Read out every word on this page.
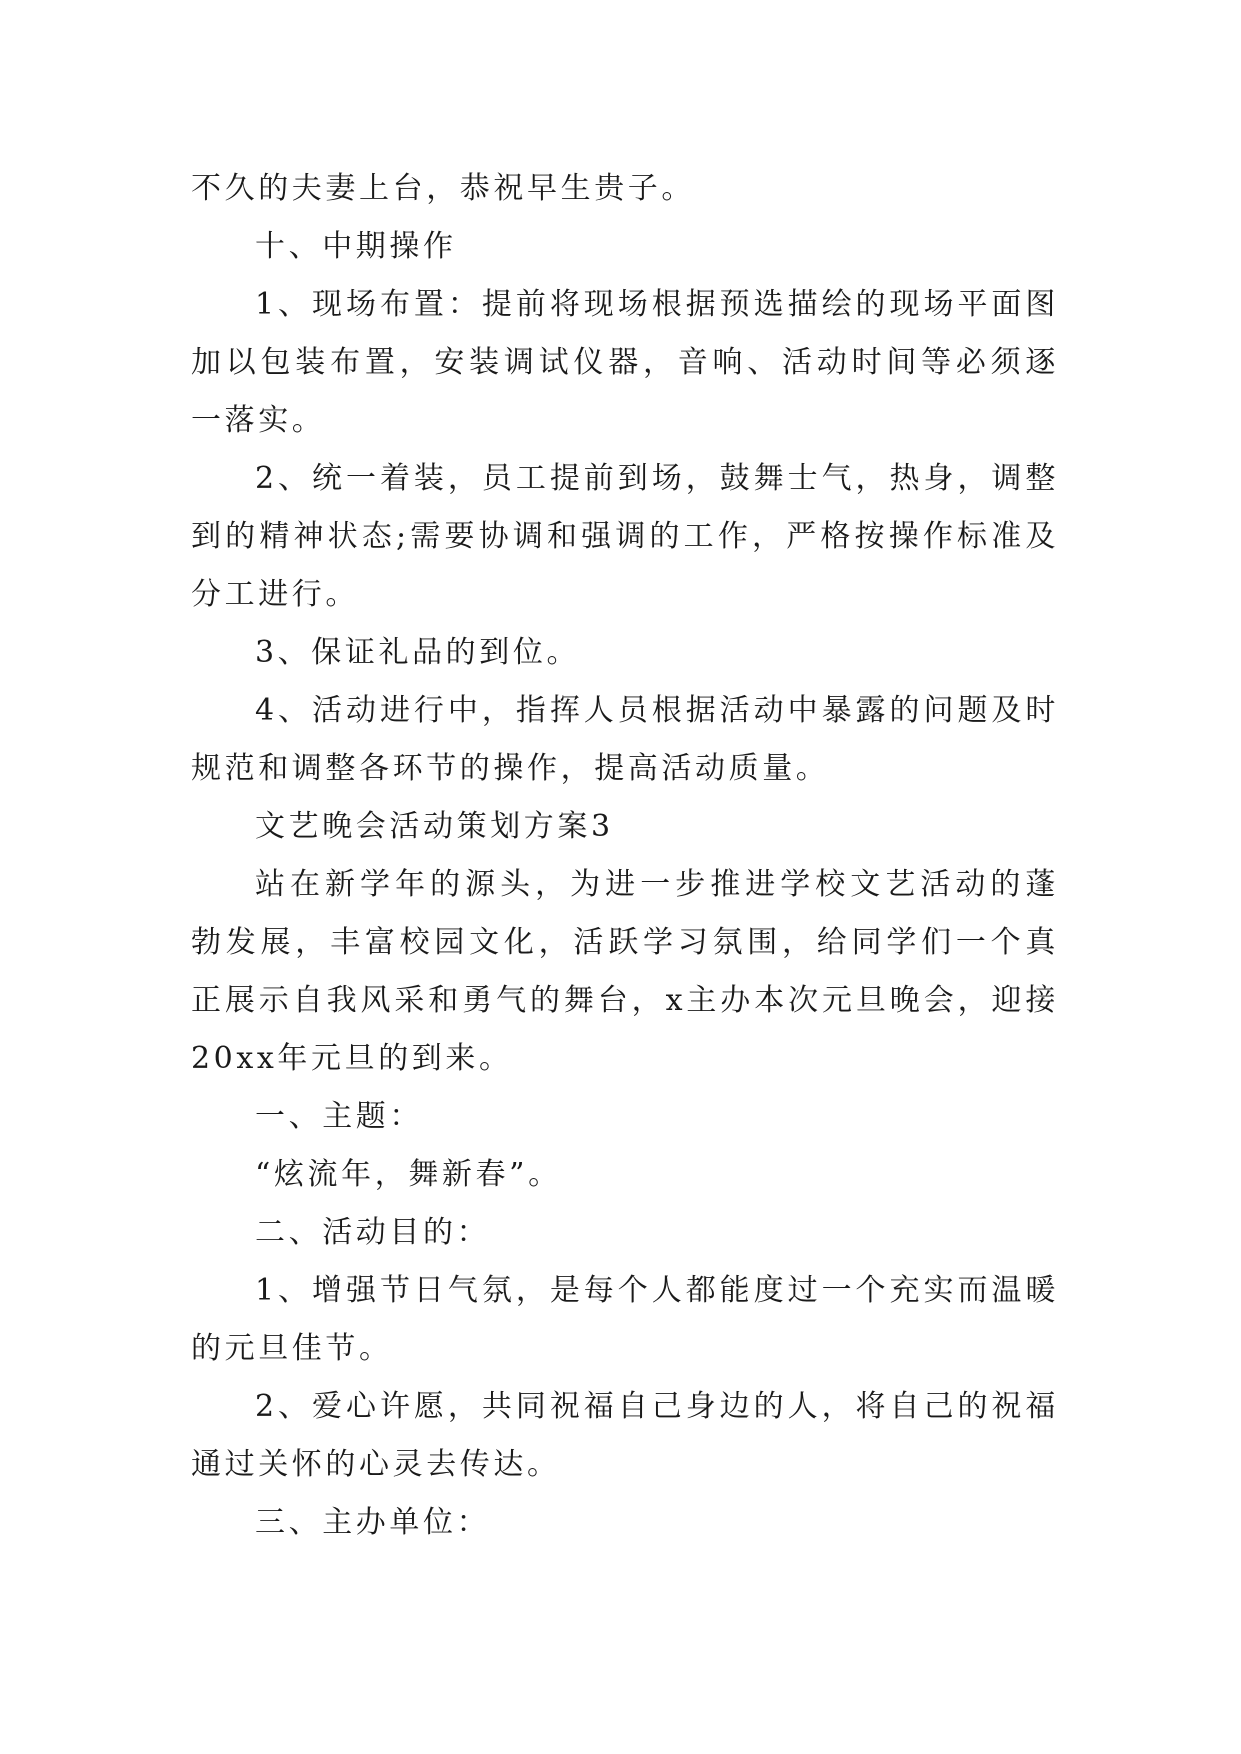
不久的夫妻上台，恭祝早生贵子。

十、中期操作

1、现场布置：提前将现场根据预选描绘的现场平面图加以包装布置，安装调试仪器，音响、活动时间等必须逐一落实。

2、统一着装，员工提前到场，鼓舞士气，热身，调整到的精神状态;需要协调和强调的工作，严格按操作标准及分工进行。

3、保证礼品的到位。

4、活动进行中，指挥人员根据活动中暴露的问题及时规范和调整各环节的操作，提高活动质量。

文艺晚会活动策划方案3

站在新学年的源头，为进一步推进学校文艺活动的蓬勃发展，丰富校园文化，活跃学习氛围，给同学们一个真正展示自我风采和勇气的舞台，x主办本次元旦晚会，迎接20xx年元旦的到来。

一、主题：

“炫流年，舞新春”。

二、活动目的：

1、增强节日气氛，是每个人都能度过一个充实而温暖的元旦佳节。

2、爱心许愿，共同祝福自己身边的人，将自己的祝福通过关怀的心灵去传达。

三、主办单位：
